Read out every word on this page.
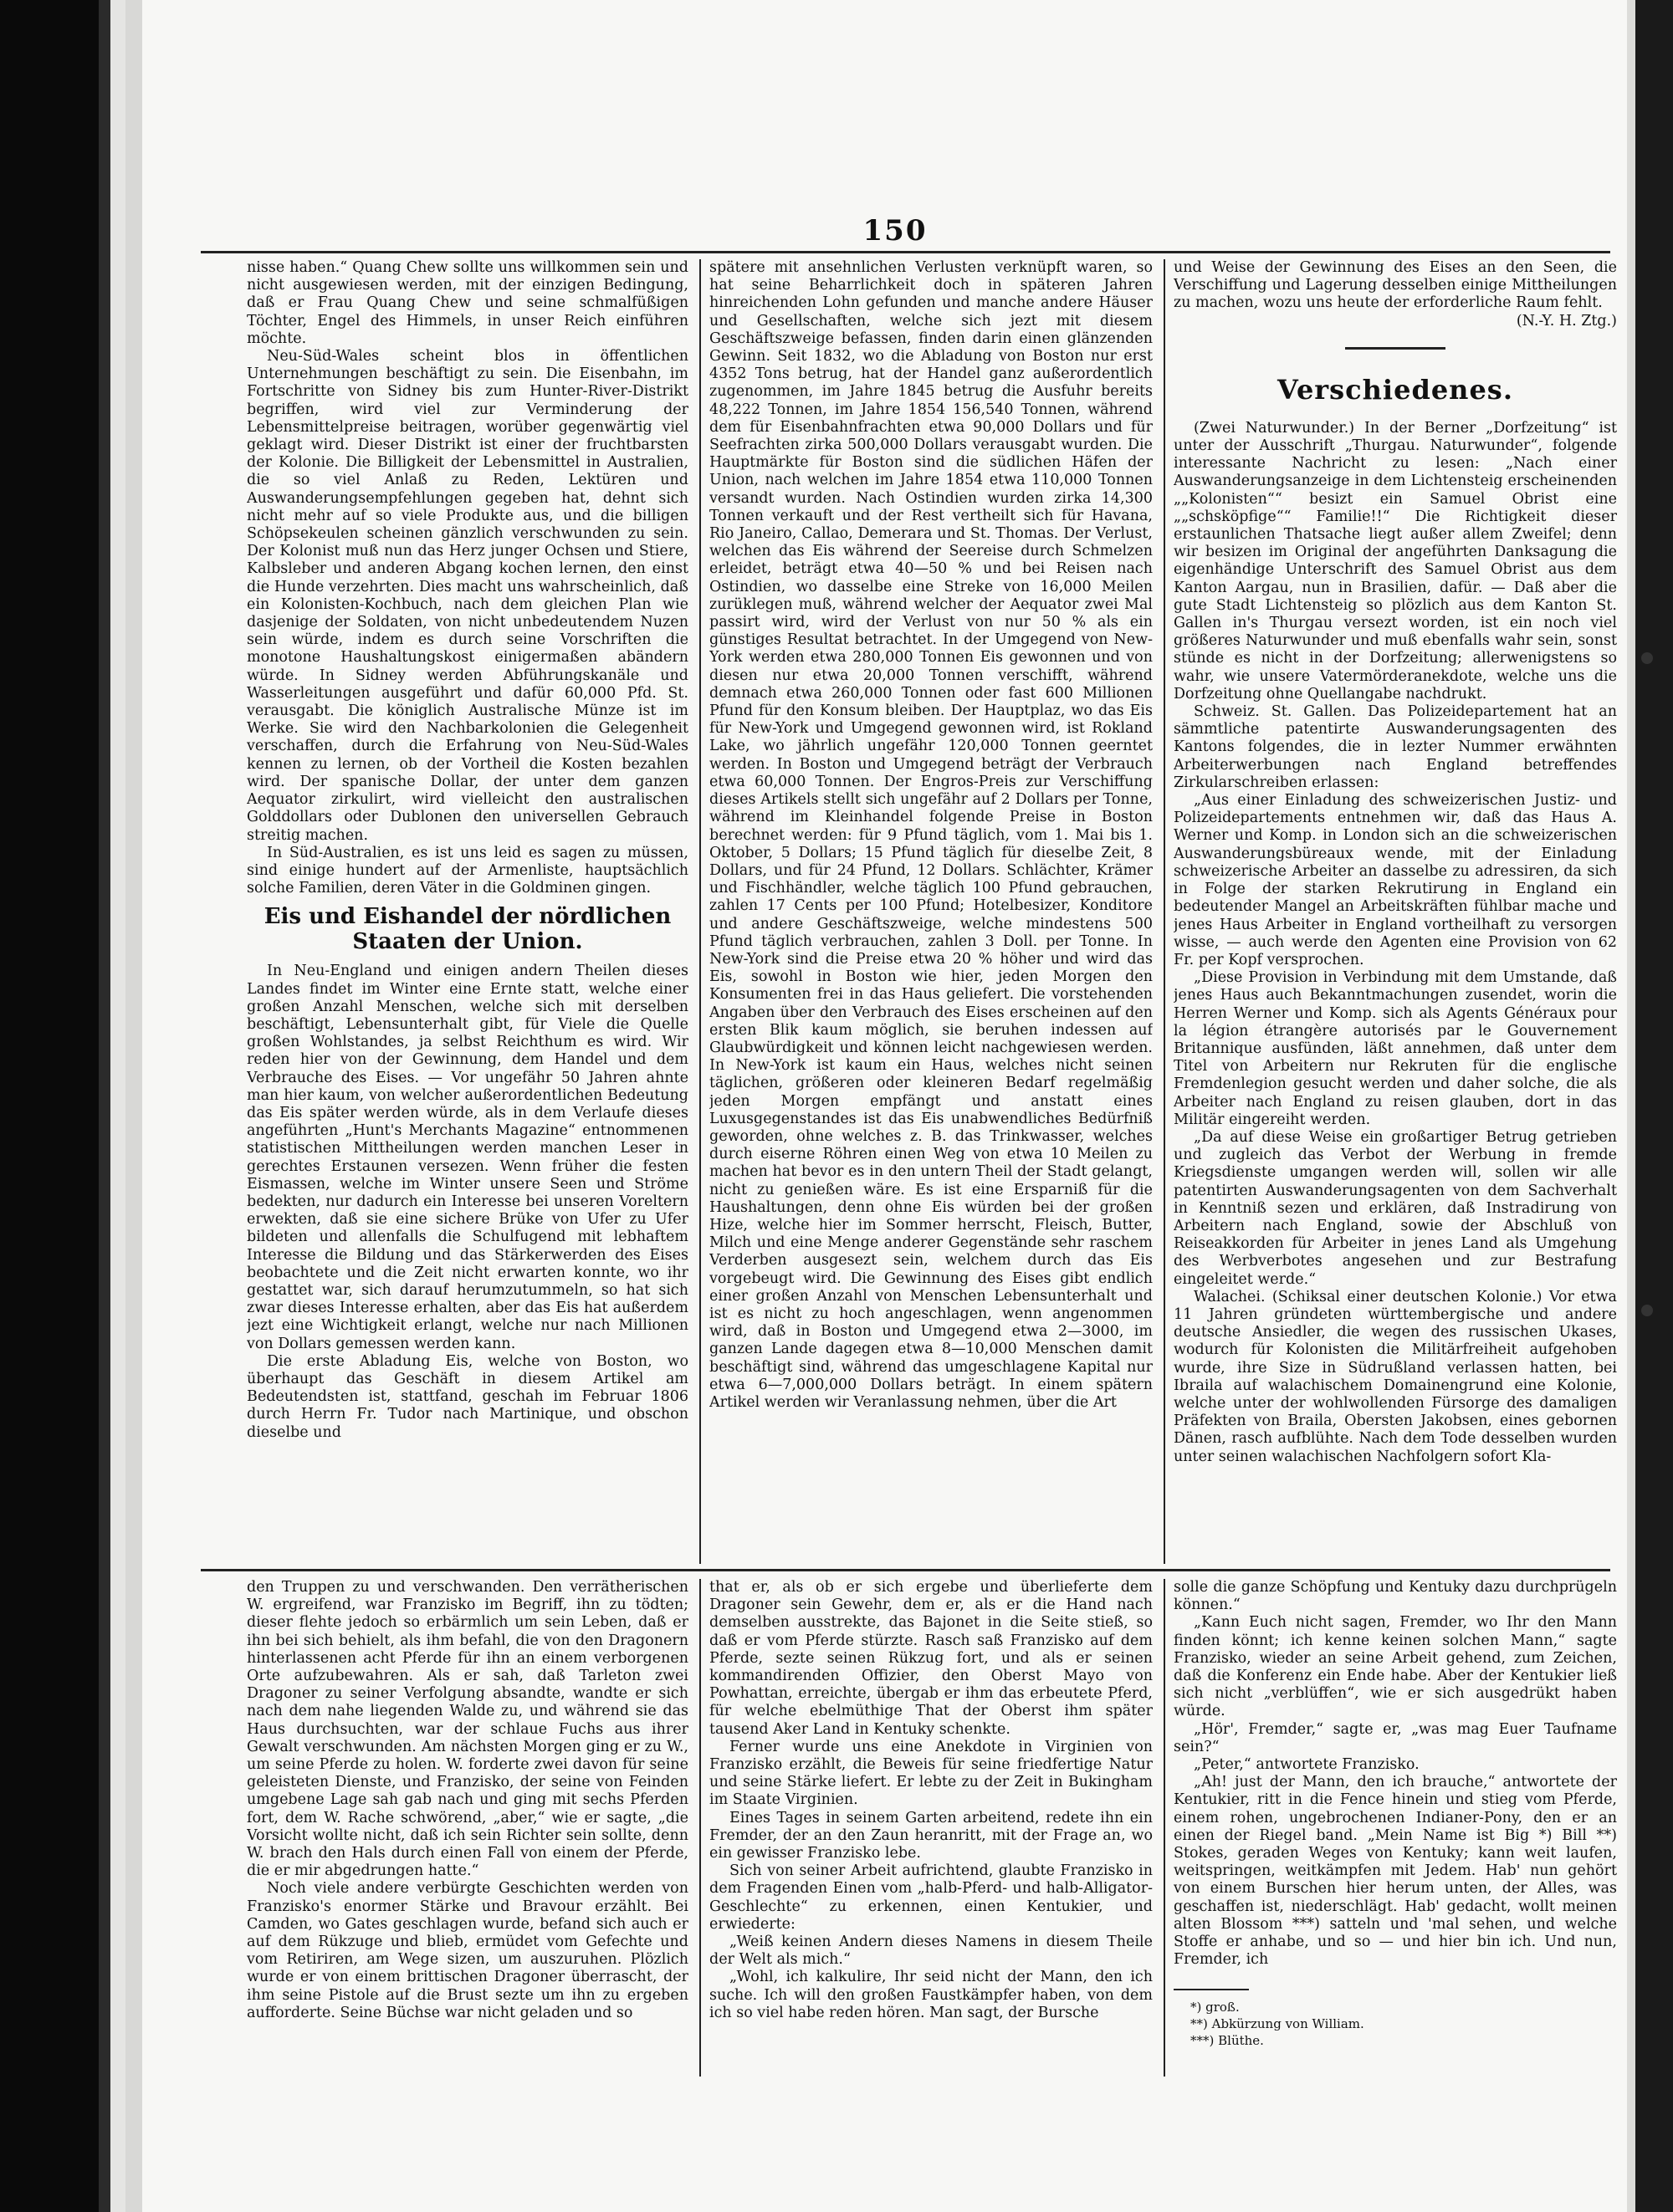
150

nisse haben.“ Quang Chew sollte uns willkommen sein und nicht ausgewiesen werden, mit der einzigen Bedingung, daß er Frau Quang Chew und seine schmalfüßigen Töchter, Engel des Himmels, in unser Reich einführen möchte.

Neu-Süd-Wales scheint blos in öffentlichen Unternehmungen beschäftigt zu sein. Die Eisenbahn, im Fortschritte von Sidney bis zum Hunter-River-Distrikt begriffen, wird viel zur Verminderung der Lebensmittelpreise beitragen, worüber gegenwärtig viel geklagt wird. Dieser Distrikt ist einer der fruchtbarsten der Kolonie. Die Billigkeit der Lebensmittel in Australien, die so viel Anlaß zu Reden, Lektüren und Auswanderungsempfehlungen gegeben hat, dehnt sich nicht mehr auf so viele Produkte aus, und die billigen Schöpsekeulen scheinen gänzlich verschwunden zu sein. Der Kolonist muß nun das Herz junger Ochsen und Stiere, Kalbsleber und anderen Abgang kochen lernen, den einst die Hunde verzehrten. Dies macht uns wahrscheinlich, daß ein Kolonisten-Kochbuch, nach dem gleichen Plan wie dasjenige der Soldaten, von nicht unbedeutendem Nuzen sein würde, indem es durch seine Vorschriften die monotone Haushaltungskost einigermaßen abändern würde. In Sidney werden Abführungskanäle und Wasserleitungen ausgeführt und dafür 60,000 Pfd. St. verausgabt. Die königlich Australische Münze ist im Werke. Sie wird den Nachbarkolonien die Gelegenheit verschaffen, durch die Erfahrung von Neu-Süd-Wales kennen zu lernen, ob der Vortheil die Kosten bezahlen wird. Der spanische Dollar, der unter dem ganzen Aequator zirkulirt, wird vielleicht den australischen Golddollars oder Dublonen den universellen Gebrauch streitig machen.

In Süd-Australien, es ist uns leid es sagen zu müssen, sind einige hundert auf der Armenliste, hauptsächlich solche Familien, deren Väter in die Goldminen gingen.

Eis und Eishandel der nördlichen Staaten der Union.

In Neu-England und einigen andern Theilen dieses Landes findet im Winter eine Ernte statt, welche einer großen Anzahl Menschen, welche sich mit derselben beschäftigt, Lebensunterhalt gibt, für Viele die Quelle großen Wohlstandes, ja selbst Reichthum es wird. Wir reden hier von der Gewinnung, dem Handel und dem Verbrauche des Eises. — Vor ungefähr 50 Jahren ahnte man hier kaum, von welcher außerordentlichen Bedeutung das Eis später werden würde, als in dem Verlaufe dieses angeführten „Hunt's Merchants Magazine“ entnommenen statistischen Mittheilungen werden manchen Leser in gerechtes Erstaunen versezen. Wenn früher die festen Eismassen, welche im Winter unsere Seen und Ströme bedekten, nur dadurch ein Interesse bei unseren Voreltern erwekten, daß sie eine sichere Brüke von Ufer zu Ufer bildeten und allenfalls die Schulfugend mit lebhaftem Interesse die Bildung und das Stärkerwerden des Eises beobachtete und die Zeit nicht erwarten konnte, wo ihr gestattet war, sich darauf herumzutummeln, so hat sich zwar dieses Interesse erhalten, aber das Eis hat außerdem jezt eine Wichtigkeit erlangt, welche nur nach Millionen von Dollars gemessen werden kann.

Die erste Abladung Eis, welche von Boston, wo überhaupt das Geschäft in diesem Artikel am Bedeutendsten ist, stattfand, geschah im Februar 1806 durch Herrn Fr. Tudor nach Martinique, und obschon dieselbe und

spätere mit ansehnlichen Verlusten verknüpft waren, so hat seine Beharrlichkeit doch in späteren Jahren hinreichenden Lohn gefunden und manche andere Häuser und Gesellschaften, welche sich jezt mit diesem Geschäftszweige befassen, finden darin einen glänzenden Gewinn. Seit 1832, wo die Abladung von Boston nur erst 4352 Tons betrug, hat der Handel ganz außerordentlich zugenommen, im Jahre 1845 betrug die Ausfuhr bereits 48,222 Tonnen, im Jahre 1854 156,540 Tonnen, während dem für Eisenbahnfrachten etwa 90,000 Dollars und für Seefrachten zirka 500,000 Dollars verausgabt wurden. Die Hauptmärkte für Boston sind die südlichen Häfen der Union, nach welchen im Jahre 1854 etwa 110,000 Tonnen versandt wurden. Nach Ostindien wurden zirka 14,300 Tonnen verkauft und der Rest vertheilt sich für Havana, Rio Janeiro, Callao, Demerara und St. Thomas. Der Verlust, welchen das Eis während der Seereise durch Schmelzen erleidet, beträgt etwa 40—50 % und bei Reisen nach Ostindien, wo dasselbe eine Streke von 16,000 Meilen zurüklegen muß, während welcher der Aequator zwei Mal passirt wird, wird der Verlust von nur 50 % als ein günstiges Resultat betrachtet. In der Umgegend von New-York werden etwa 280,000 Tonnen Eis gewonnen und von diesen nur etwa 20,000 Tonnen verschifft, während demnach etwa 260,000 Tonnen oder fast 600 Millionen Pfund für den Konsum bleiben. Der Hauptplaz, wo das Eis für New-York und Umgegend gewonnen wird, ist Rokland Lake, wo jährlich ungefähr 120,000 Tonnen geerntet werden. In Boston und Umgegend beträgt der Verbrauch etwa 60,000 Tonnen. Der Engros-Preis zur Verschiffung dieses Artikels stellt sich ungefähr auf 2 Dollars per Tonne, während im Kleinhandel folgende Preise in Boston berechnet werden: für 9 Pfund täglich, vom 1. Mai bis 1. Oktober, 5 Dollars; 15 Pfund täglich für dieselbe Zeit, 8 Dollars, und für 24 Pfund, 12 Dollars. Schlächter, Krämer und Fischhändler, welche täglich 100 Pfund gebrauchen, zahlen 17 Cents per 100 Pfund; Hotelbesizer, Konditore und andere Geschäftszweige, welche mindestens 500 Pfund täglich verbrauchen, zahlen 3 Doll. per Tonne. In New-York sind die Preise etwa 20 % höher und wird das Eis, sowohl in Boston wie hier, jeden Morgen den Konsumenten frei in das Haus geliefert. Die vorstehenden Angaben über den Verbrauch des Eises erscheinen auf den ersten Blik kaum möglich, sie beruhen indessen auf Glaubwürdigkeit und können leicht nachgewiesen werden. In New-York ist kaum ein Haus, welches nicht seinen täglichen, größeren oder kleineren Bedarf regelmäßig jeden Morgen empfängt und anstatt eines Luxusgegenstandes ist das Eis unabwendliches Bedürfniß geworden, ohne welches z. B. das Trinkwasser, welches durch eiserne Röhren einen Weg von etwa 10 Meilen zu machen hat bevor es in den untern Theil der Stadt gelangt, nicht zu genießen wäre. Es ist eine Ersparniß für die Haushaltungen, denn ohne Eis würden bei der großen Hize, welche hier im Sommer herrscht, Fleisch, Butter, Milch und eine Menge anderer Gegenstände sehr raschem Verderben ausgesezt sein, welchem durch das Eis vorgebeugt wird. Die Gewinnung des Eises gibt endlich einer großen Anzahl von Menschen Lebensunterhalt und ist es nicht zu hoch angeschlagen, wenn angenommen wird, daß in Boston und Umgegend etwa 2—3000, im ganzen Lande dagegen etwa 8—10,000 Menschen damit beschäftigt sind, während das umgeschlagene Kapital nur etwa 6—7,000,000 Dollars beträgt. In einem spätern Artikel werden wir Veranlassung nehmen, über die Art

und Weise der Gewinnung des Eises an den Seen, die Verschiffung und Lagerung desselben einige Mittheilungen zu machen, wozu uns heute der erforderliche Raum fehlt.

(N.-Y. H. Ztg.)

Verschiedenes.

(Zwei Naturwunder.) In der Berner „Dorfzeitung“ ist unter der Ausschrift „Thurgau. Naturwunder“, folgende interessante Nachricht zu lesen: „Nach einer Auswanderungsanzeige in dem Lichtensteig erscheinenden „„Kolonisten““ besizt ein Samuel Obrist eine „„schsköpfige““ Familie!!“ Die Richtigkeit dieser erstaunlichen Thatsache liegt außer allem Zweifel; denn wir besizen im Original der angeführten Danksagung die eigenhändige Unterschrift des Samuel Obrist aus dem Kanton Aargau, nun in Brasilien, dafür. — Daß aber die gute Stadt Lichtensteig so plözlich aus dem Kanton St. Gallen in's Thurgau versezt worden, ist ein noch viel größeres Naturwunder und muß ebenfalls wahr sein, sonst stünde es nicht in der Dorfzeitung; allerwenigstens so wahr, wie unsere Vatermörderanekdote, welche uns die Dorfzeitung ohne Quellangabe nachdrukt.

Schweiz. St. Gallen. Das Polizeidepartement hat an sämmtliche patentirte Auswanderungsagenten des Kantons folgendes, die in lezter Nummer erwähnten Arbeiterwerbungen nach England betreffendes Zirkularschreiben erlassen:

„Aus einer Einladung des schweizerischen Justiz- und Polizeidepartements entnehmen wir, daß das Haus A. Werner und Komp. in London sich an die schweizerischen Auswanderungsbüreaux wende, mit der Einladung schweizerische Arbeiter an dasselbe zu adressiren, da sich in Folge der starken Rekrutirung in England ein bedeutender Mangel an Arbeitskräften fühlbar mache und jenes Haus Arbeiter in England vortheilhaft zu versorgen wisse, — auch werde den Agenten eine Provision von 62 Fr. per Kopf versprochen.

„Diese Provision in Verbindung mit dem Umstande, daß jenes Haus auch Bekanntmachungen zusendet, worin die Herren Werner und Komp. sich als Agents Généraux pour la légion étrangère autorisés par le Gouvernement Britannique ausfünden, läßt annehmen, daß unter dem Titel von Arbeitern nur Rekruten für die englische Fremdenlegion gesucht werden und daher solche, die als Arbeiter nach England zu reisen glauben, dort in das Militär eingereiht werden.

„Da auf diese Weise ein großartiger Betrug getrieben und zugleich das Verbot der Werbung in fremde Kriegsdienste umgangen werden will, sollen wir alle patentirten Auswanderungsagenten von dem Sachverhalt in Kenntniß sezen und erklären, daß Instradirung von Arbeitern nach England, sowie der Abschluß von Reiseakkorden für Arbeiter in jenes Land als Umgehung des Werbverbotes angesehen und zur Bestrafung eingeleitet werde.“

Walachei. (Schiksal einer deutschen Kolonie.) Vor etwa 11 Jahren gründeten württembergische und andere deutsche Ansiedler, die wegen des russischen Ukases, wodurch für Kolonisten die Militärfreiheit aufgehoben wurde, ihre Size in Südrußland verlassen hatten, bei Ibraila auf walachischem Domainengrund eine Kolonie, welche unter der wohlwollenden Fürsorge des damaligen Präfekten von Braila, Obersten Jakobsen, eines gebornen Dänen, rasch aufblühte. Nach dem Tode desselben wurden unter seinen walachischen Nachfolgern sofort Kla-

den Truppen zu und verschwanden. Den verrätherischen W. ergreifend, war Franzisko im Begriff, ihn zu tödten; dieser flehte jedoch so erbärmlich um sein Leben, daß er ihn bei sich behielt, als ihm befahl, die von den Dragonern hinterlassenen acht Pferde für ihn an einem verborgenen Orte aufzubewahren. Als er sah, daß Tarleton zwei Dragoner zu seiner Verfolgung absandte, wandte er sich nach dem nahe liegenden Walde zu, und während sie das Haus durchsuchten, war der schlaue Fuchs aus ihrer Gewalt verschwunden. Am nächsten Morgen ging er zu W., um seine Pferde zu holen. W. forderte zwei davon für seine geleisteten Dienste, und Franzisko, der seine von Feinden umgebene Lage sah gab nach und ging mit sechs Pferden fort, dem W. Rache schwörend, „aber,“ wie er sagte, „die Vorsicht wollte nicht, daß ich sein Richter sein sollte, denn W. brach den Hals durch einen Fall von einem der Pferde, die er mir abgedrungen hatte.“

Noch viele andere verbürgte Geschichten werden von Franzisko's enormer Stärke und Bravour erzählt. Bei Camden, wo Gates geschlagen wurde, befand sich auch er auf dem Rükzuge und blieb, ermüdet vom Gefechte und vom Retiriren, am Wege sizen, um auszuruhen. Plözlich wurde er von einem brittischen Dragoner überrascht, der ihm seine Pistole auf die Brust sezte um ihn zu ergeben aufforderte. Seine Büchse war nicht geladen und so

that er, als ob er sich ergebe und überlieferte dem Dragoner sein Gewehr, dem er, als er die Hand nach demselben ausstrekte, das Bajonet in die Seite stieß, so daß er vom Pferde stürzte. Rasch saß Franzisko auf dem Pferde, sezte seinen Rükzug fort, und als er seinen kommandirenden Offizier, den Oberst Mayo von Powhattan, erreichte, übergab er ihm das erbeutete Pferd, für welche ebelmüthige That der Oberst ihm später tausend Aker Land in Kentuky schenkte.

Ferner wurde uns eine Anekdote in Virginien von Franzisko erzählt, die Beweis für seine friedfertige Natur und seine Stärke liefert. Er lebte zu der Zeit in Bukingham im Staate Virginien.

Eines Tages in seinem Garten arbeitend, redete ihn ein Fremder, der an den Zaun heranritt, mit der Frage an, wo ein gewisser Franzisko lebe.

Sich von seiner Arbeit aufrichtend, glaubte Franzisko in dem Fragenden Einen vom „halb-Pferd- und halb-Alligator-Geschlechte“ zu erkennen, einen Kentukier, und erwiederte:

„Weiß keinen Andern dieses Namens in diesem Theile der Welt als mich.“

„Wohl, ich kalkulire, Ihr seid nicht der Mann, den ich suche. Ich will den großen Faustkämpfer haben, von dem ich so viel habe reden hören. Man sagt, der Bursche

solle die ganze Schöpfung und Kentuky dazu durchprügeln können.“

„Kann Euch nicht sagen, Fremder, wo Ihr den Mann finden könnt; ich kenne keinen solchen Mann,“ sagte Franzisko, wieder an seine Arbeit gehend, zum Zeichen, daß die Konferenz ein Ende habe. Aber der Kentukier ließ sich nicht „verblüffen“, wie er sich ausgedrükt haben würde.

„Hör', Fremder,“ sagte er, „was mag Euer Taufname sein?“

„Peter,“ antwortete Franzisko.

„Ah! just der Mann, den ich brauche,“ antwortete der Kentukier, ritt in die Fence hinein und stieg vom Pferde, einem rohen, ungebrochenen Indianer-Pony, den er an einen der Riegel band. „Mein Name ist Big *) Bill **) Stokes, geraden Weges von Kentuky; kann weit laufen, weitspringen, weitkämpfen mit Jedem. Hab' nun gehört von einem Burschen hier herum unten, der Alles, was geschaffen ist, niederschlägt. Hab' gedacht, wollt meinen alten Blossom ***) satteln und 'mal sehen, und welche Stoffe er anhabe, und so — und hier bin ich. Und nun, Fremder, ich

*) groß.
**) Abkürzung von William.
***) Blüthe.
